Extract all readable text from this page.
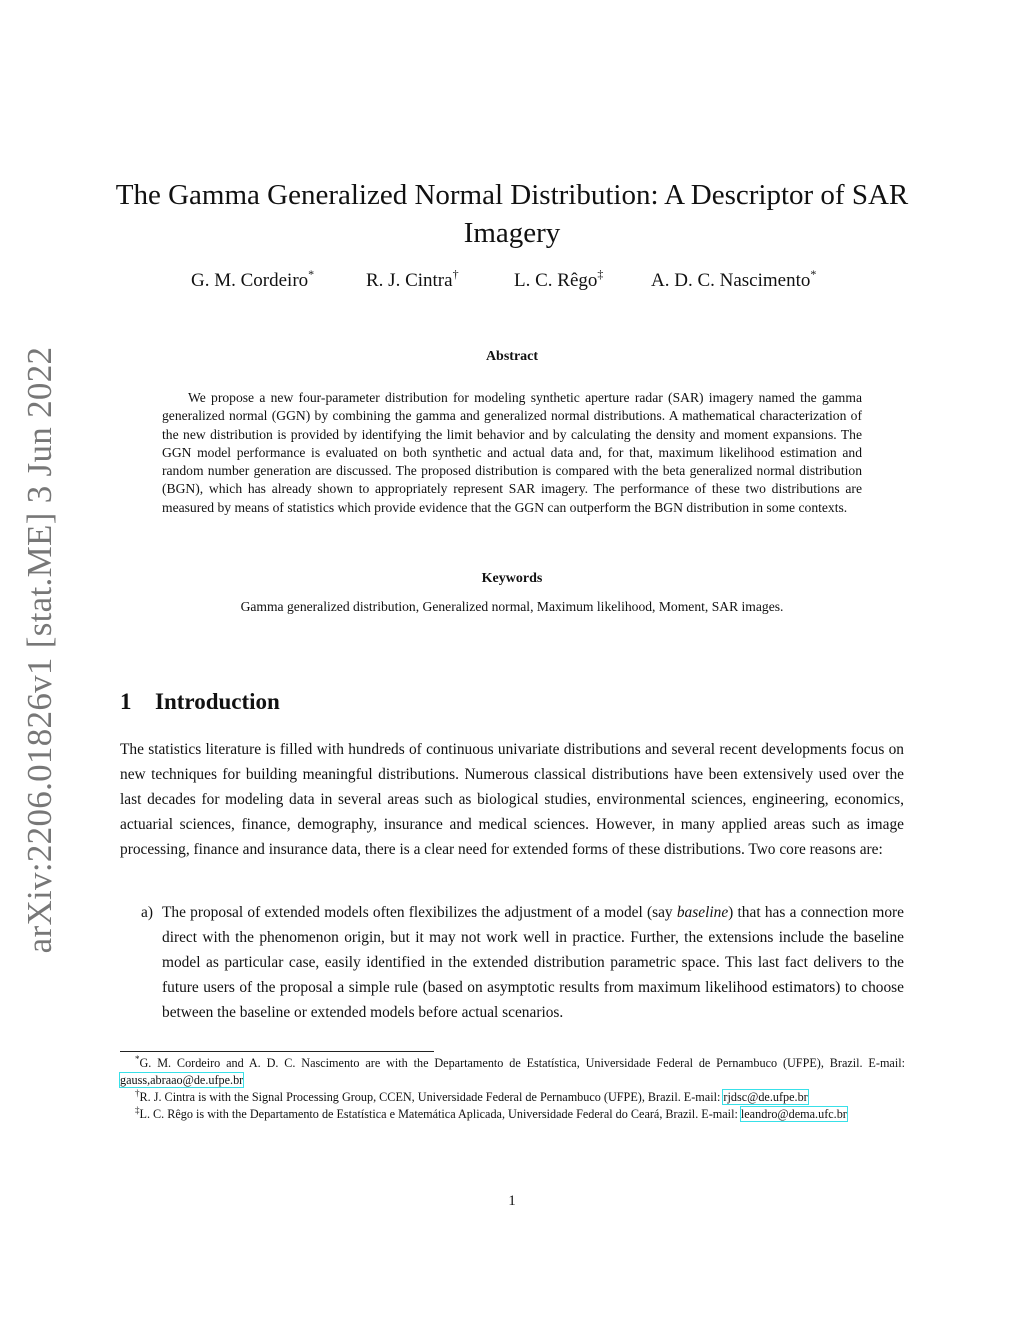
arXiv:2206.01826v1 [stat.ME] 3 Jun 2022
The Gamma Generalized Normal Distribution: A Descriptor of SAR Imagery
G. M. Cordeiro*	R. J. Cintra†	L. C. Rêgo‡	A. D. C. Nascimento*
Abstract

We propose a new four-parameter distribution for modeling synthetic aperture radar (SAR) imagery named the gamma generalized normal (GGN) by combining the gamma and generalized normal distributions. A mathematical characterization of the new distribution is provided by identifying the limit behavior and by calculating the density and moment expansions. The GGN model performance is evaluated on both synthetic and actual data and, for that, maximum likelihood estimation and random number generation are discussed. The proposed distribution is compared with the beta generalized normal distribution (BGN), which has already shown to appropriately represent SAR imagery. The performance of these two distributions are measured by means of statistics which provide evidence that the GGN can outperform the BGN distribution in some contexts.

Keywords
Gamma generalized distribution, Generalized normal, Maximum likelihood, Moment, SAR images.
1 Introduction

The statistics literature is filled with hundreds of continuous univariate distributions and several recent developments focus on new techniques for building meaningful distributions. Numerous classical distributions have been extensively used over the last decades for modeling data in several areas such as biological studies, environmental sciences, engineering, economics, actuarial sciences, finance, demography, insurance and medical sciences. However, in many applied areas such as image processing, finance and insurance data, there is a clear need for extended forms of these distributions. Two core reasons are:

a) The proposal of extended models often flexibilizes the adjustment of a model (say baseline) that has a connection more direct with the phenomenon origin, but it may not work well in practice. Further, the extensions include the baseline model as particular case, easily identified in the extended distribution parametric space. This last fact delivers to the future users of the proposal a simple rule (based on asymptotic results from maximum likelihood estimators) to choose between the baseline or extended models before actual scenarios.

*G. M. Cordeiro and A. D. C. Nascimento are with the Departamento de Estatística, Universidade Federal de Pernambuco (UFPE), Brazil. E-mail: gauss,abraao@de.ufpe.br

†R. J. Cintra is with the Signal Processing Group, CCEN, Universidade Federal de Pernambuco (UFPE), Brazil. E-mail: rjdsc@de.ufpe.br

‡L. C. Rêgo is with the Departamento de Estatística e Matemática Aplicada, Universidade Federal do Ceará, Brazil. E-mail: leandro@dema.ufc.br

1
